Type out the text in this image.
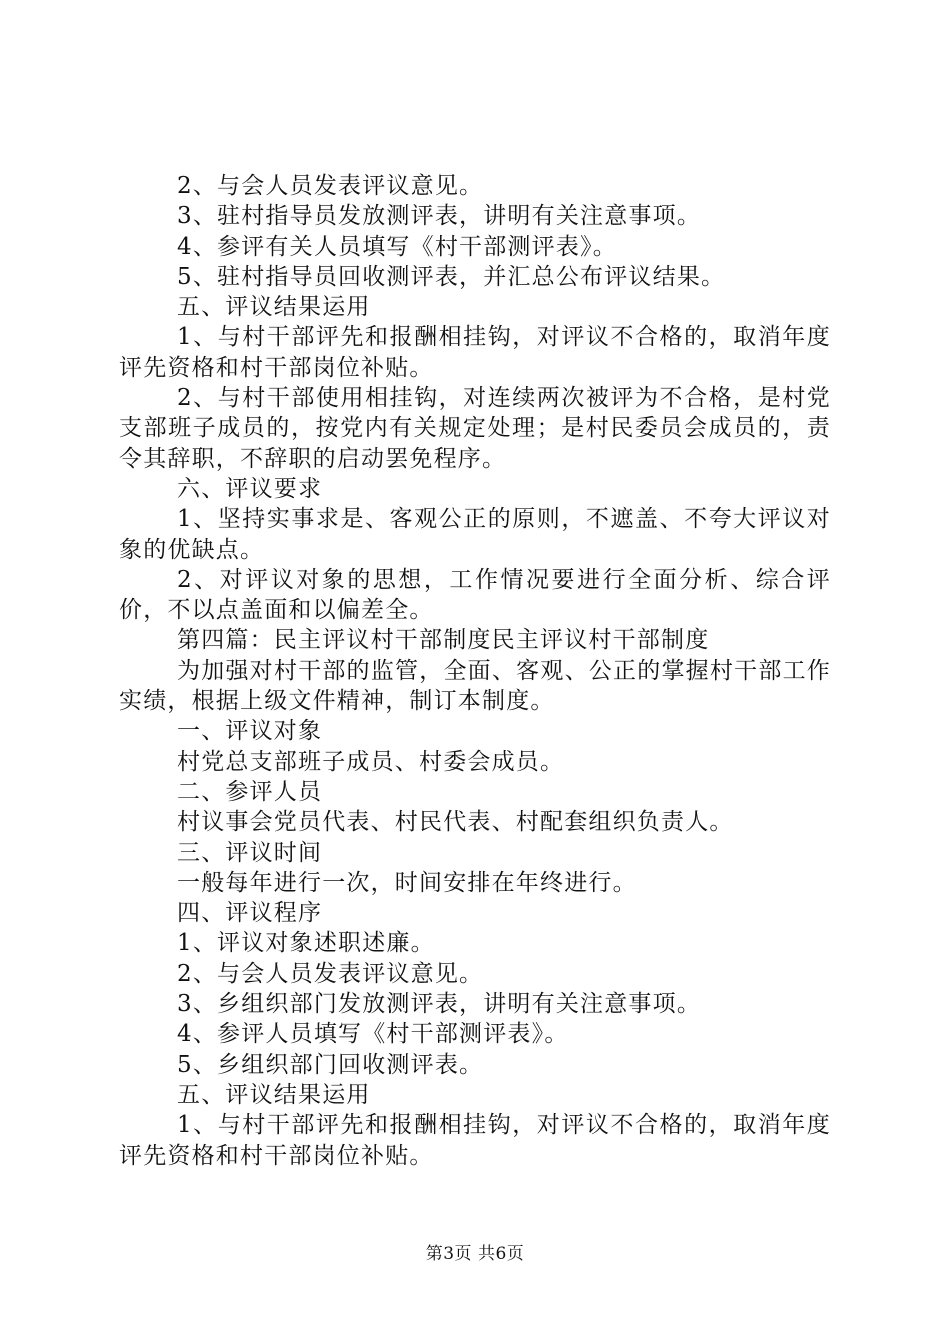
2、与会人员发表评议意见。

3、驻村指导员发放测评表，讲明有关注意事项。

4、参评有关人员填写《村干部测评表》。

5、驻村指导员回收测评表，并汇总公布评议结果。

五、评议结果运用

1、与村干部评先和报酬相挂钩，对评议不合格的，取消年度评先资格和村干部岗位补贴。

2、与村干部使用相挂钩，对连续两次被评为不合格，是村党支部班子成员的，按党内有关规定处理；是村民委员会成员的，责令其辞职，不辞职的启动罢免程序。

六、评议要求

1、坚持实事求是、客观公正的原则，不遮盖、不夸大评议对象的优缺点。

2、对评议对象的思想，工作情况要进行全面分析、综合评价，不以点盖面和以偏差全。

第四篇：民主评议村干部制度民主评议村干部制度

为加强对村干部的监管，全面、客观、公正的掌握村干部工作实绩，根据上级文件精神，制订本制度。

一、评议对象

村党总支部班子成员、村委会成员。

二、参评人员

村议事会党员代表、村民代表、村配套组织负责人。

三、评议时间

一般每年进行一次，时间安排在年终进行。

四、评议程序

1、评议对象述职述廉。

2、与会人员发表评议意见。

3、乡组织部门发放测评表，讲明有关注意事项。

4、参评人员填写《村干部测评表》。

5、乡组织部门回收测评表。

五、评议结果运用

1、与村干部评先和报酬相挂钩，对评议不合格的，取消年度评先资格和村干部岗位补贴。

第3页 共6页
